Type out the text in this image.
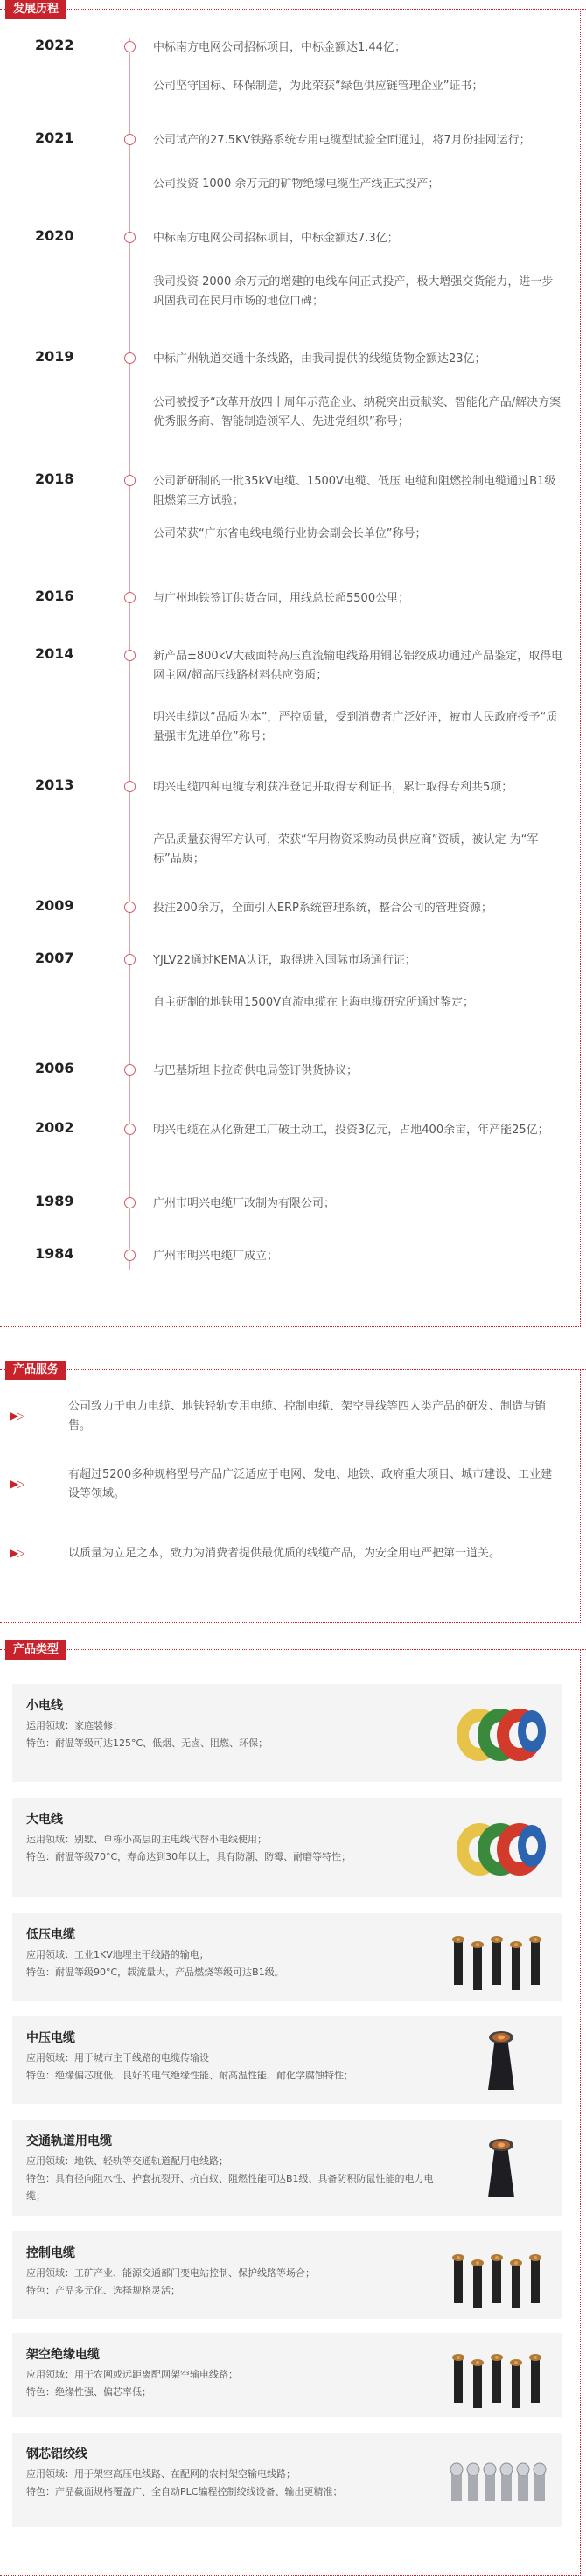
发展历程
2022	中标南方电网公司招标项目，中标金额达1.44亿；
公司坚守国标、环保制造，为此荣获“绿色供应链管理企业”证书；
2021	公司试产的27.5KV铁路系统专用电缆型试验全面通过，将7月份挂网运行；
公司投资 1000 余万元的矿物绝缘电缆生产线正式投产；
2020	中标南方电网公司招标项目，中标金额达7.3亿；
我司投资 2000 余万元的增建的电线车间正式投产，极大增强交货能力，进一步巩固我司在民用市场的地位口碑；
2019	中标广州轨道交通十条线路，由我司提供的线缆货物金额达23亿；
公司被授予“改革开放四十周年示范企业、纳税突出贡献奖、智能化产品/解决方案优秀服务商、智能制造领军人、先进党组织”称号；
2018	公司新研制的一批35kV电缆、1500V电缆、低压 电缆和阻燃控制电缆通过B1级阻燃第三方试验；
公司荣获“广东省电线电缆行业协会副会长单位”称号；
2016	与广州地铁签订供货合同，用线总长超5500公里；
2014	新产品±800kV大截面特高压直流输电线路用铜芯铝绞成功通过产品鉴定，取得电网主网/超高压线路材料供应资质；
明兴电缆以“品质为本”，严控质量，受到消费者广泛好评，被市人民政府授予“质量强市先进单位”称号；
2013	明兴电缆四种电缆专利获准登记并取得专利证书，累计取得专利共5项；
产品质量获得军方认可，荣获“军用物资采购动员供应商”资质，被认定 为“军标”品质；
2009	投注200余万，全面引入ERP系统管理系统，整合公司的管理资源；
2007	YJLV22通过KEMA认证，取得进入国际市场通行证；
自主研制的地铁用1500V直流电缆在上海电缆研究所通过鉴定；
2006	与巴基斯坦卡拉奇供电局签订供货协议；
2002	明兴电缆在从化新建工厂破土动工，投资3亿元，占地400余亩，年产能25亿；
1989	广州市明兴电缆厂改制为有限公司；
1984	广州市明兴电缆厂成立；
产品服务
▶▷
公司致力于电力电缆、地铁轻轨专用电缆、控制电缆、架空导线等四大类产品的研发、制造与销售。
▶▷
有超过5200多种规格型号产品广泛适应于电网、发电、地铁、政府重大项目、城市建设、工业建设等领域。
▶▷	以质量为立足之本，致力为消费者提供最优质的线缆产品，为安全用电严把第一道关。
产品类型
小电线
运用领域：家庭装修；
特色：耐温等级可达125°C、低烟、无卤、阻燃、环保；
大电线
运用领域：别墅、单栋小高层的主电线代替小电线使用；
特色：耐温等级70°C，寿命达到30年以上，具有防潮、防霉、耐磨等特性；
低压电缆
应用领域：工业1KV地埋主干线路的输电；
特色：耐温等级90°C，载流量大，产品燃烧等级可达B1级。
中压电缆
应用领域：用于城市主干线路的电缆传输设
特色：绝缘偏芯度低、良好的电气绝缘性能、耐高温性能、耐化学腐蚀特性；
交通轨道用电缆
应用领域：地铁、轻轨等交通轨道配用电线路；
特色：具有径向阻水性、护套抗裂开、抗白蚁、阻燃性能可达B1级、具备防积防鼠性能的电力电缆；
控制电缆
应用领域：工矿产业、能源交通部门变电站控制、保护线路等场合；
特色：产品多元化、选择规格灵活；
架空绝缘电缆
应用领域：用于农网或远距离配网架空输电线路；
特色：绝缘性强、偏芯率低；
钢芯铝绞线
应用领域：用于架空高压电线路、在配网的农村架空输电线路；
特色：产品截面规格覆盖广、全自动PLC编程控制绞线设备、输出更精准；
